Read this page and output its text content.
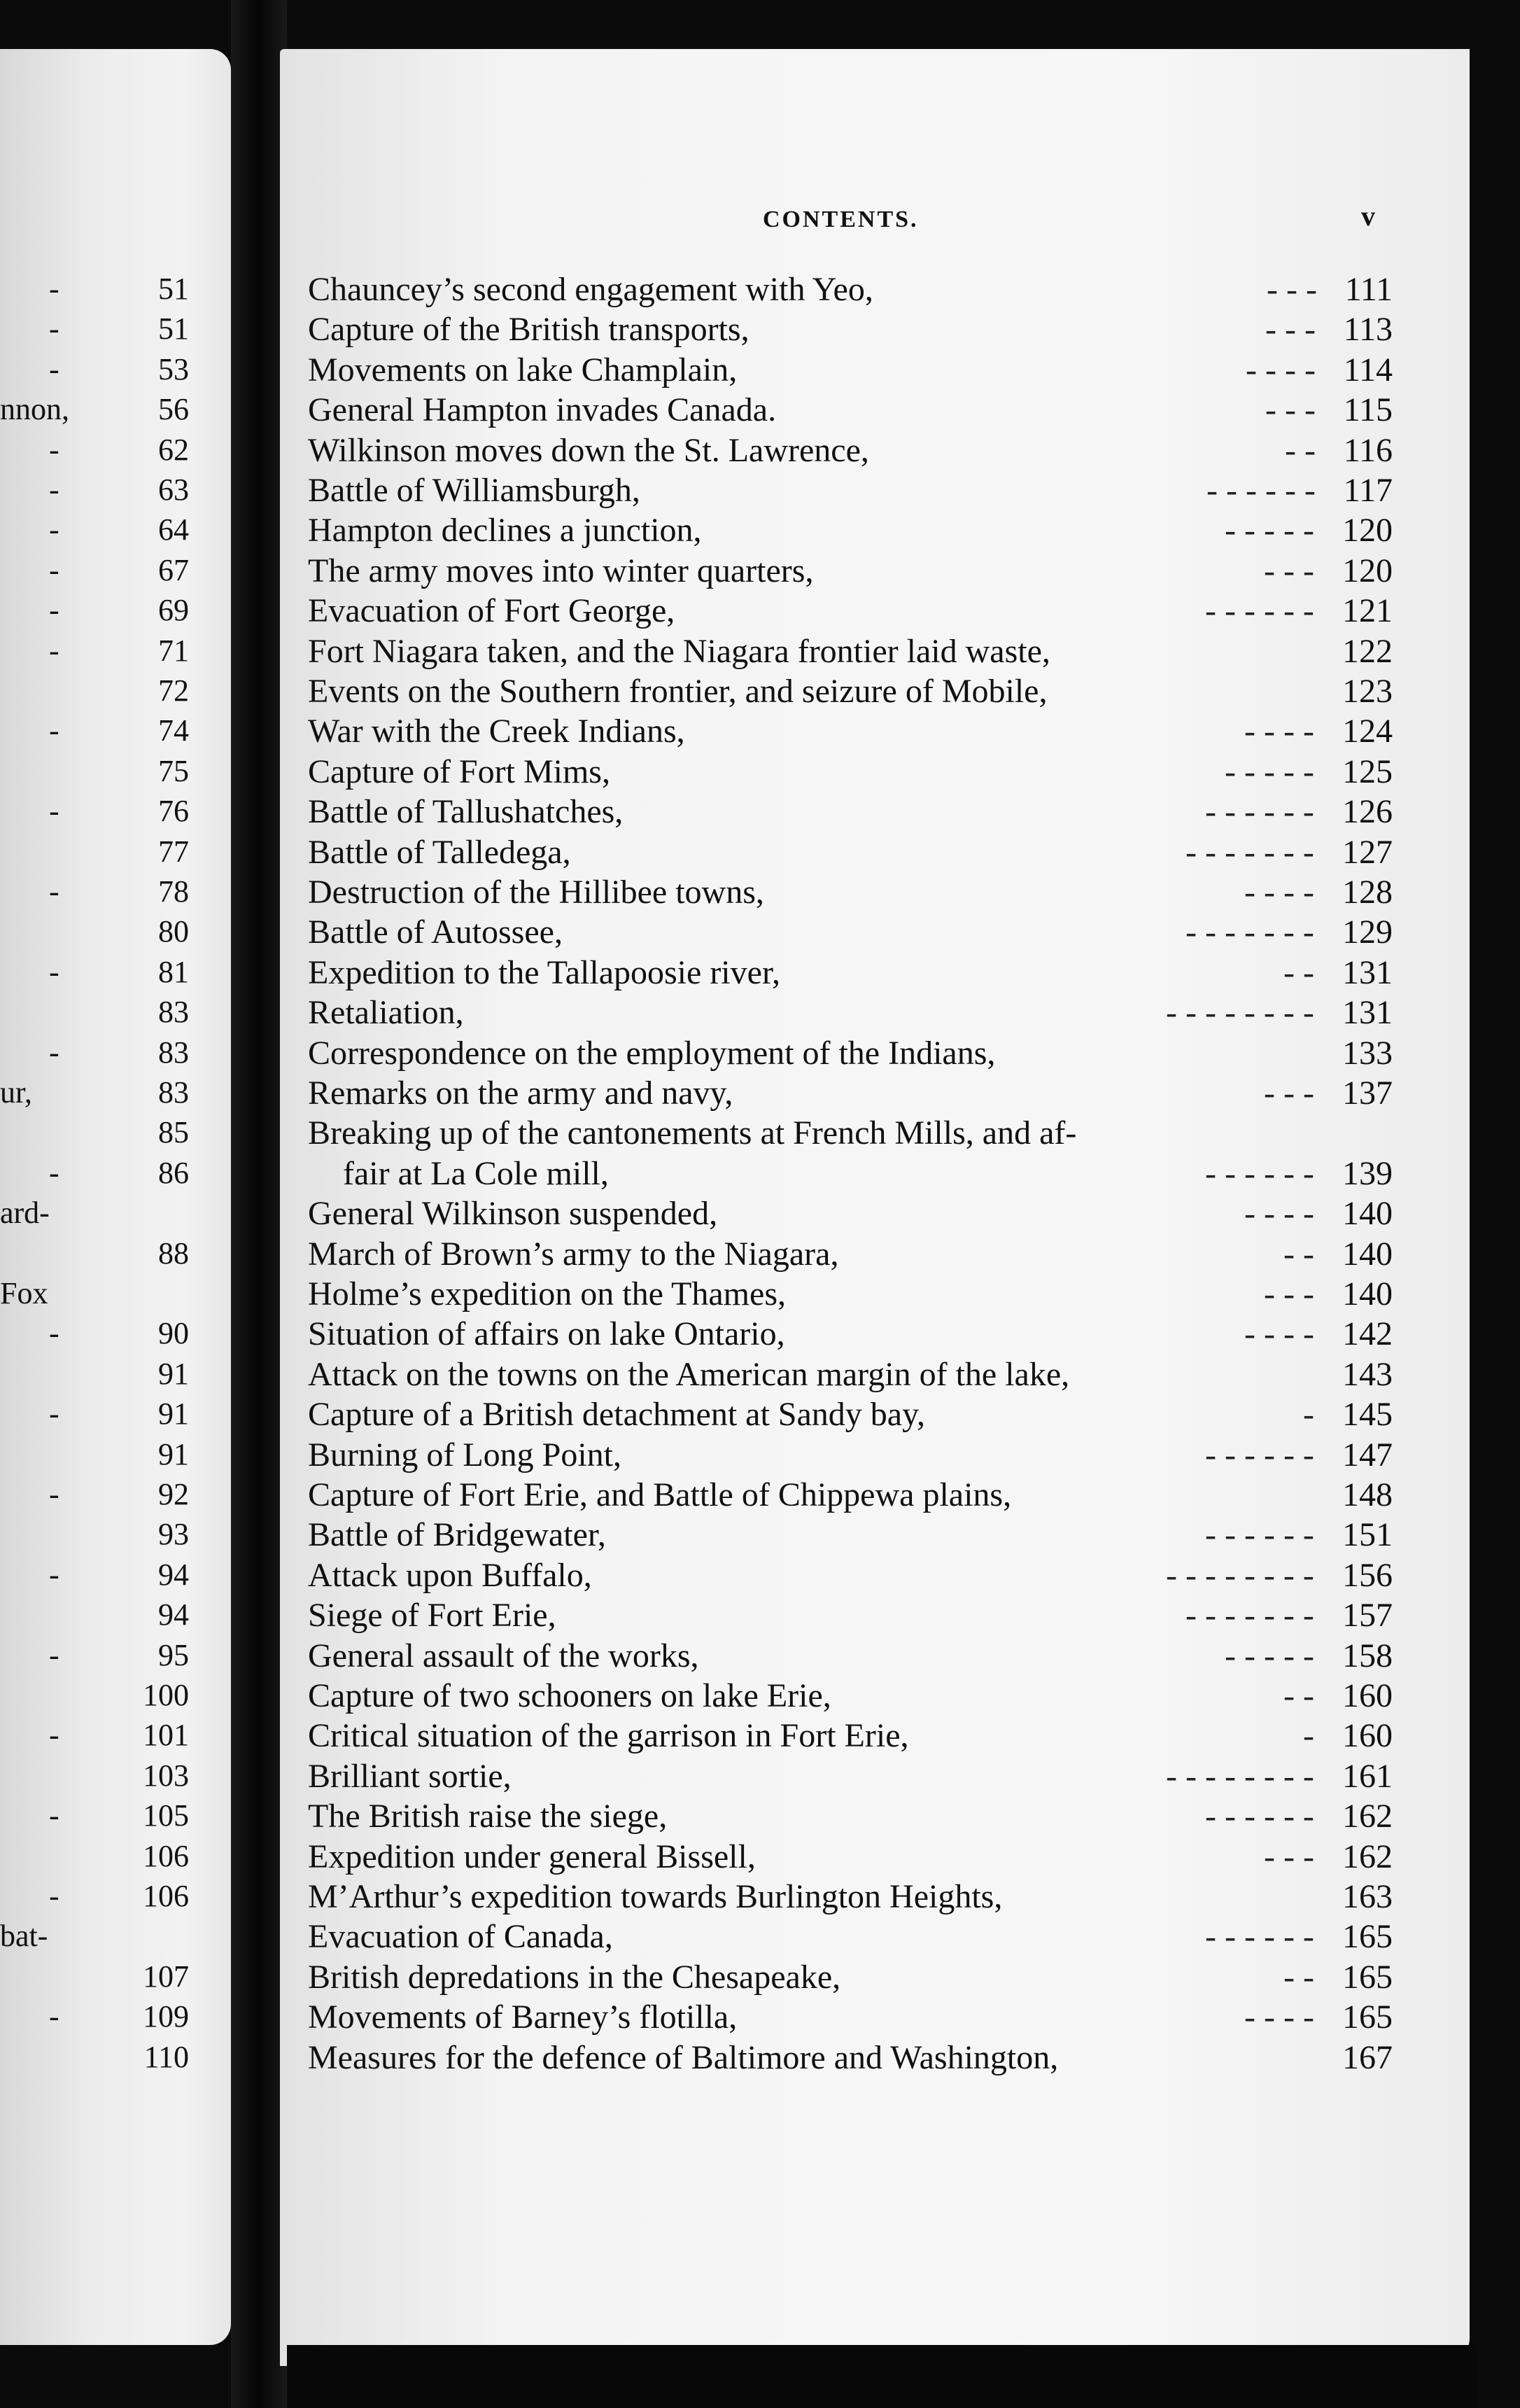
CONTENTS.	v
-	51
-	51
-	53
nnon,	56
-	62
-	63
-	64
-	67
-	69
-	71
72
-	74
75
-	76
77
-	78
80
-	81
83
-	83
ur,	83
85
-	86
ard-
88
Fox
-	90
91
-	91
91
-	92
93
-	94
94
-	95
100
-	101
103
-	105
106
-	106
bat-
107
-	109
110
Chauncey’s second engagement with Yeo,	- - - 111
Capture of the British transports,	- - - 113
Movements on lake Champlain,	- - - - 114
General Hampton invades Canada.	- - - 115
Wilkinson moves down the St. Lawrence,	- - 116
Battle of Williamsburgh,	- - - - - - 117
Hampton declines a junction,	- - - - - 120
The army moves into winter quarters,	- - - 120
Evacuation of Fort George,	- - - - - - 121
Fort Niagara taken, and the Niagara frontier laid waste,	122
Events on the Southern frontier, and seizure of Mobile,	123
War with the Creek Indians,	- - - - 124
Capture of Fort Mims,	- - - - - 125
Battle of Tallushatches,	- - - - - - 126
Battle of Talledega,	- - - - - - - 127
Destruction of the Hillibee towns,	- - - - 128
Battle of Autossee,	- - - - - - - 129
Expedition to the Tallapoosie river,	- - 131
Retaliation,	- - - - - - - - 131
Correspondence on the employment of the Indians,	133
Remarks on the army and navy,	- - - 137
Breaking up of the cantonements at French Mills, and af-
fair at La Cole mill,	- - - - - - 139
General Wilkinson suspended,	- - - - 140
March of Brown’s army to the Niagara,	- - 140
Holme’s expedition on the Thames,	- - - 140
Situation of affairs on lake Ontario,	- - - - 142
Attack on the towns on the American margin of the lake,	143
Capture of a British detachment at Sandy bay,	- 145
Burning of Long Point,	- - - - - - 147
Capture of Fort Erie, and Battle of Chippewa plains,	148
Battle of Bridgewater,	- - - - - - 151
Attack upon Buffalo,	- - - - - - - - 156
Siege of Fort Erie,	- - - - - - - 157
General assault of the works,	- - - - - 158
Capture of two schooners on lake Erie,	- - 160
Critical situation of the garrison in Fort Erie,	- 160
Brilliant sortie,	- - - - - - - - 161
The British raise the siege,	- - - - - - 162
Expedition under general Bissell,	- - - 162
M’Arthur’s expedition towards Burlington Heights,	163
Evacuation of Canada,	- - - - - - 165
British depredations in the Chesapeake,	- - 165
Movements of Barney’s flotilla,	- - - - 165
Measures for the defence of Baltimore and Washington,	167
